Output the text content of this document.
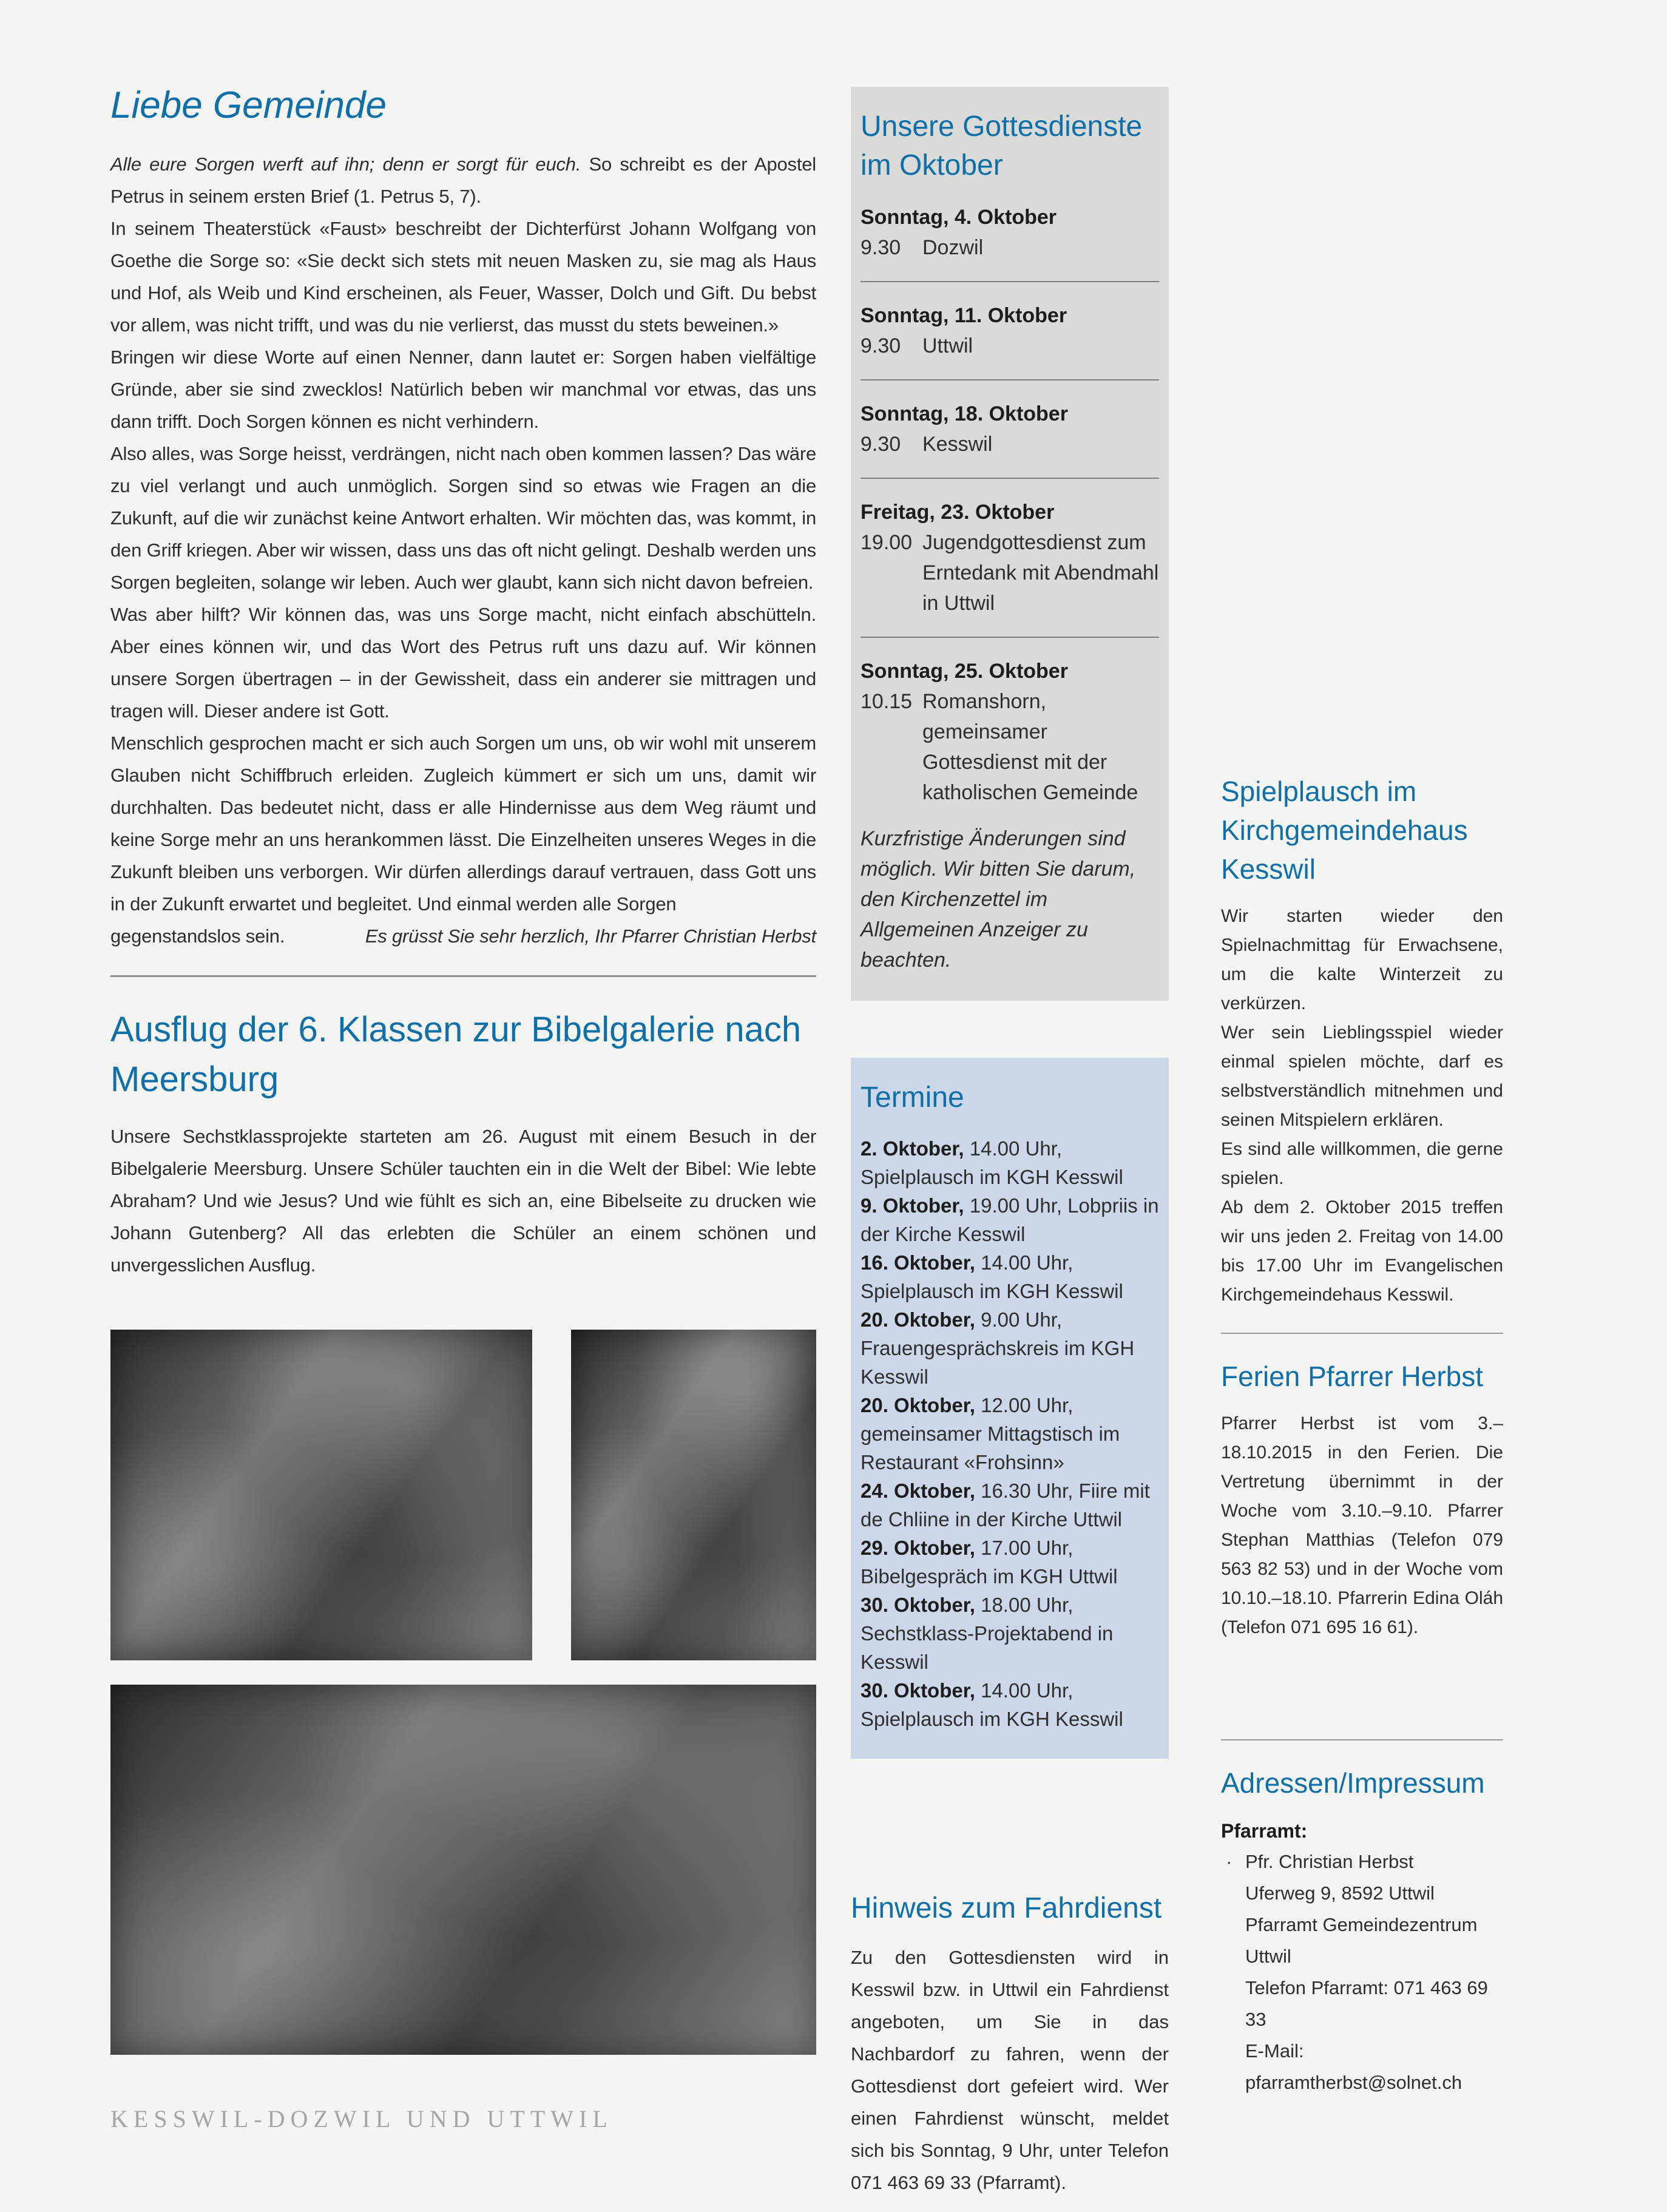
Liebe Gemeinde

Alle eure Sorgen werft auf ihn; denn er sorgt für euch. So schreibt es der Apostel Petrus in seinem ersten Brief (1. Petrus 5, 7).

In seinem Theaterstück «Faust» beschreibt der Dichterfürst Johann Wolfgang von Goethe die Sorge so: «Sie deckt sich stets mit neuen Masken zu, sie mag als Haus und Hof, als Weib und Kind erscheinen, als Feuer, Wasser, Dolch und Gift. Du bebst vor allem, was nicht trifft, und was du nie verlierst, das musst du stets beweinen.»

Bringen wir diese Worte auf einen Nenner, dann lautet er: Sorgen haben vielfältige Gründe, aber sie sind zwecklos! Natürlich beben wir manchmal vor etwas, das uns dann trifft. Doch Sorgen können es nicht verhindern.

Also alles, was Sorge heisst, verdrängen, nicht nach oben kommen lassen? Das wäre zu viel verlangt und auch unmöglich. Sorgen sind so etwas wie Fragen an die Zukunft, auf die wir zunächst keine Antwort erhalten. Wir möchten das, was kommt, in den Griff kriegen. Aber wir wissen, dass uns das oft nicht gelingt. Deshalb werden uns Sorgen begleiten, solange wir leben. Auch wer glaubt, kann sich nicht davon befreien.

Was aber hilft? Wir können das, was uns Sorge macht, nicht einfach abschütteln. Aber eines können wir, und das Wort des Petrus ruft uns dazu auf. Wir können unsere Sorgen übertragen – in der Gewissheit, dass ein anderer sie mittragen und tragen will. Dieser andere ist Gott.

Menschlich gesprochen macht er sich auch Sorgen um uns, ob wir wohl mit unserem Glauben nicht Schiffbruch erleiden. Zugleich kümmert er sich um uns, damit wir durchhalten. Das bedeutet nicht, dass er alle Hindernisse aus dem Weg räumt und keine Sorge mehr an uns herankommen lässt. Die Einzelheiten unseres Weges in die Zukunft bleiben uns verborgen. Wir dürfen allerdings darauf vertrauen, dass Gott uns in der Zukunft erwartet und begleitet. Und einmal werden alle Sorgen

gegenstandslos sein.	Es grüsst Sie sehr herzlich, Ihr Pfarrer Christian Herbst
Ausflug der 6. Klassen zur Bibelgalerie nach Meersburg

Unsere Sechstklassprojekte starteten am 26. August mit einem Besuch in der Bibelgalerie Meersburg. Unsere Schüler tauchten ein in die Welt der Bibel: Wie lebte Abraham? Und wie Jesus? Und wie fühlt es sich an, eine Bibelseite zu drucken wie Johann Gutenberg? All das erlebten die Schüler an einem schönen und unvergesslichen Ausflug.

KESSWIL-DOZWIL UND UTTWIL
Unsere Gottesdienste
im Oktober
Sonntag, 4. Oktober
9.30	Dozwil
Sonntag, 11. Oktober
9.30	Uttwil
Sonntag, 18. Oktober
9.30	Kesswil
Freitag, 23. Oktober
19.00 Jugendgottesdienst zum Erntedank mit Abendmahl in Uttwil
Sonntag, 25. Oktober
10.15 Romanshorn, gemeinsamer Gottesdienst mit der katholischen Gemeinde
Kurzfristige Änderungen sind möglich. Wir bitten Sie darum, den Kirchenzettel im Allgemeinen Anzeiger zu beachten.
Termine

2. Oktober, 14.00 Uhr, Spielplausch im KGH Kesswil

9. Oktober, 19.00 Uhr, Lobpriis in der Kirche Kesswil

16. Oktober, 14.00 Uhr, Spielplausch im KGH Kesswil

20. Oktober, 9.00 Uhr, Frauengesprächskreis im KGH Kesswil

20. Oktober, 12.00 Uhr, gemeinsamer Mittagstisch im Restaurant «Frohsinn»

24. Oktober, 16.30 Uhr, Fiire mit de Chliine in der Kirche Uttwil

29. Oktober, 17.00 Uhr, Bibelgespräch im KGH Uttwil

30. Oktober, 18.00 Uhr, Sechstklass-Projektabend in Kesswil

30. Oktober, 14.00 Uhr, Spielplausch im KGH Kesswil

Hinweis zum Fahrdienst

Zu den Gottesdiensten wird in Kesswil bzw. in Uttwil ein Fahrdienst angeboten, um Sie in das Nachbardorf zu fahren, wenn der Gottesdienst dort gefeiert wird. Wer einen Fahrdienst wünscht, meldet sich bis Sonntag, 9 Uhr, unter Telefon 071 463 69 33 (Pfarramt).

Spielplausch im Kirchgemeindehaus Kesswil

Wir starten wieder den Spielnachmittag für Erwachsene, um die kalte Winterzeit zu verkürzen.

Wer sein Lieblingsspiel wieder einmal spielen möchte, darf es selbstverständlich mitnehmen und seinen Mitspielern erklären.

Es sind alle willkommen, die gerne spielen.

Ab dem 2. Oktober 2015 treffen wir uns jeden 2. Freitag von 14.00 bis 17.00 Uhr im Evangelischen Kirchgemeindehaus Kesswil.

Ferien Pfarrer Herbst

Pfarrer Herbst ist vom 3.–18.10.2015 in den Ferien. Die Vertretung übernimmt in der Woche vom 3.10.–9.10. Pfarrer Stephan Matthias (Telefon 079 563 82 53) und in der Woche vom 10.10.–18.10. Pfarrerin Edina Oláh (Telefon 071 695 16 61).

Adressen/Impressum

Pfarramt:

· Pfr. Christian Herbst

Uferweg 9, 8592 Uttwil

Pfarramt Gemeindezentrum Uttwil

Telefon Pfarramt: 071 463 69 33

E-Mail: pfarramtherbst@solnet.ch
